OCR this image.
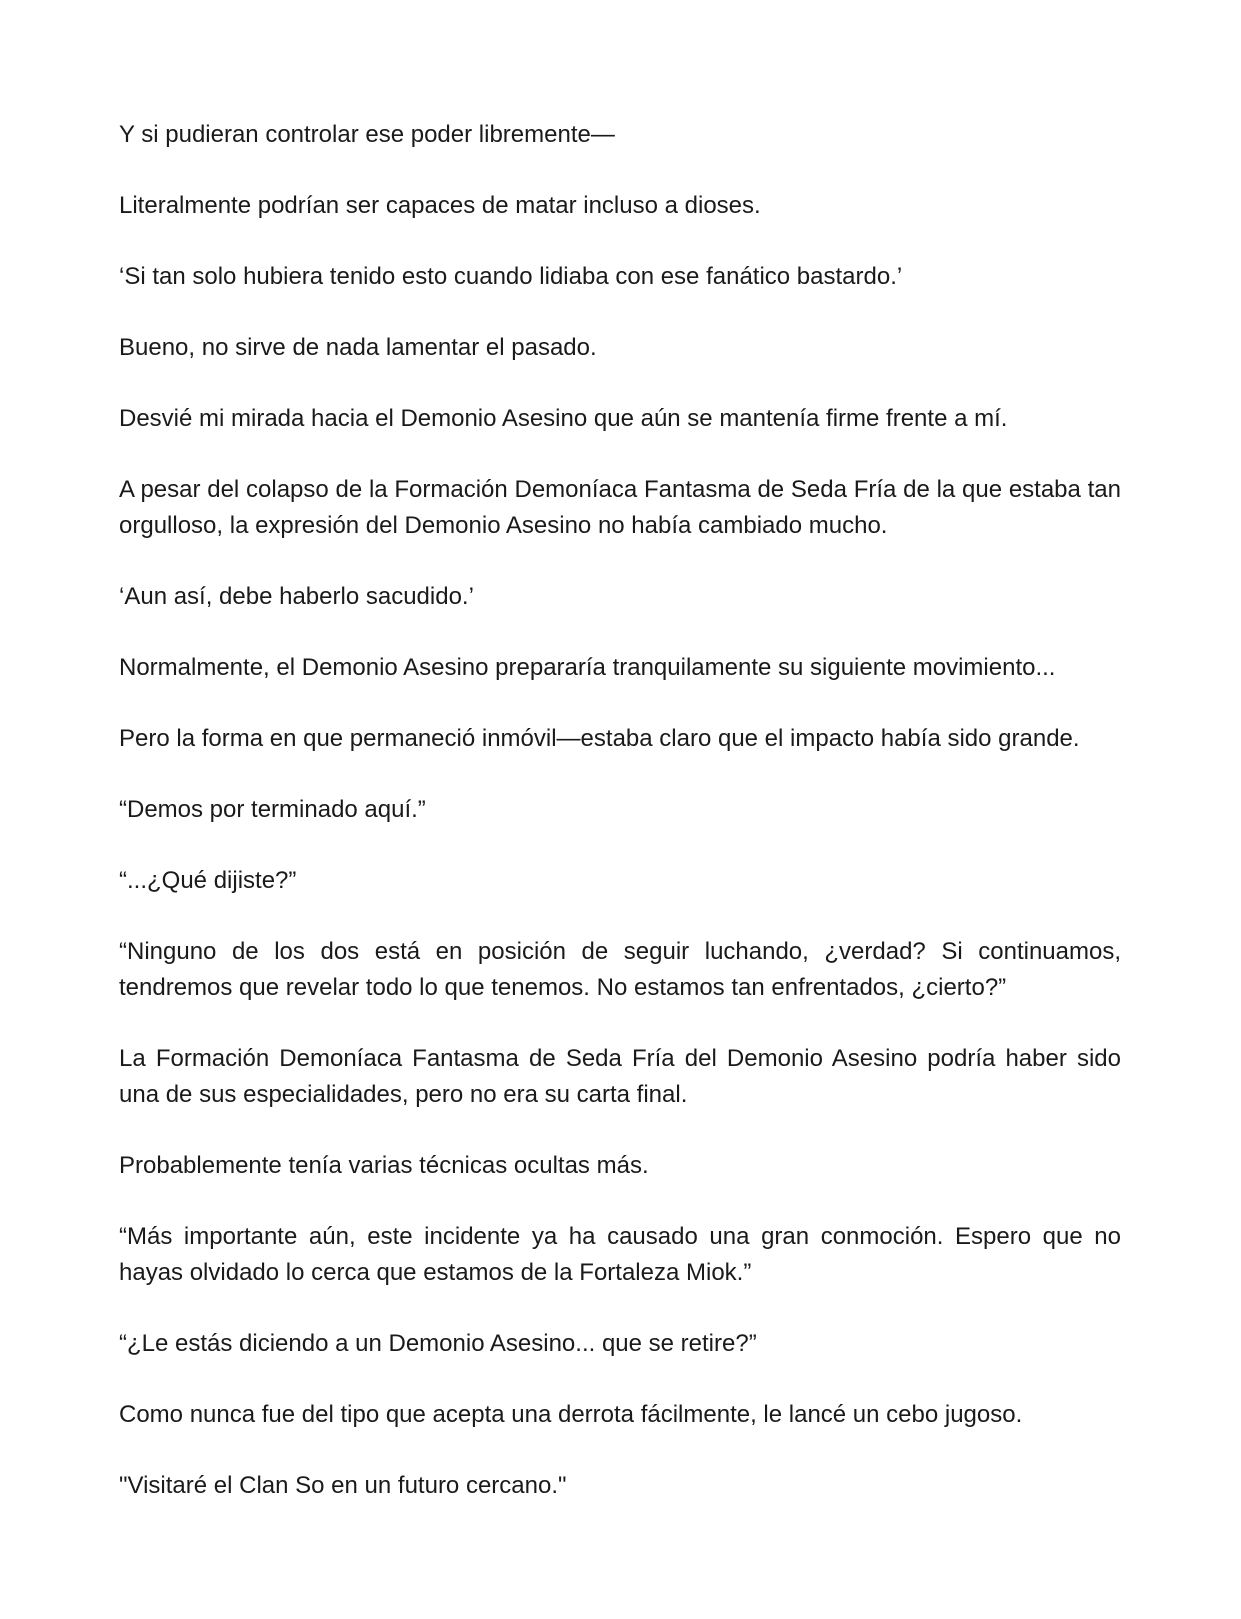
Y si pudieran controlar ese poder libremente—

Literalmente podrían ser capaces de matar incluso a dioses.

‘Si tan solo hubiera tenido esto cuando lidiaba con ese fanático bastardo.’

Bueno, no sirve de nada lamentar el pasado.

Desvié mi mirada hacia el Demonio Asesino que aún se mantenía firme frente a mí.

A pesar del colapso de la Formación Demoníaca Fantasma de Seda Fría de la que estaba tan orgulloso, la expresión del Demonio Asesino no había cambiado mucho.

‘Aun así, debe haberlo sacudido.’

Normalmente, el Demonio Asesino prepararía tranquilamente su siguiente movimiento...

Pero la forma en que permaneció inmóvil—estaba claro que el impacto había sido grande.

“Demos por terminado aquí.”

“...¿Qué dijiste?”

“Ninguno de los dos está en posición de seguir luchando, ¿verdad? Si continuamos, tendremos que revelar todo lo que tenemos. No estamos tan enfrentados, ¿cierto?”

La Formación Demoníaca Fantasma de Seda Fría del Demonio Asesino podría haber sido una de sus especialidades, pero no era su carta final.

Probablemente tenía varias técnicas ocultas más.

“Más importante aún, este incidente ya ha causado una gran conmoción. Espero que no hayas olvidado lo cerca que estamos de la Fortaleza Miok.”

“¿Le estás diciendo a un Demonio Asesino... que se retire?”

Como nunca fue del tipo que acepta una derrota fácilmente, le lancé un cebo jugoso.

"Visitaré el Clan So en un futuro cercano."
